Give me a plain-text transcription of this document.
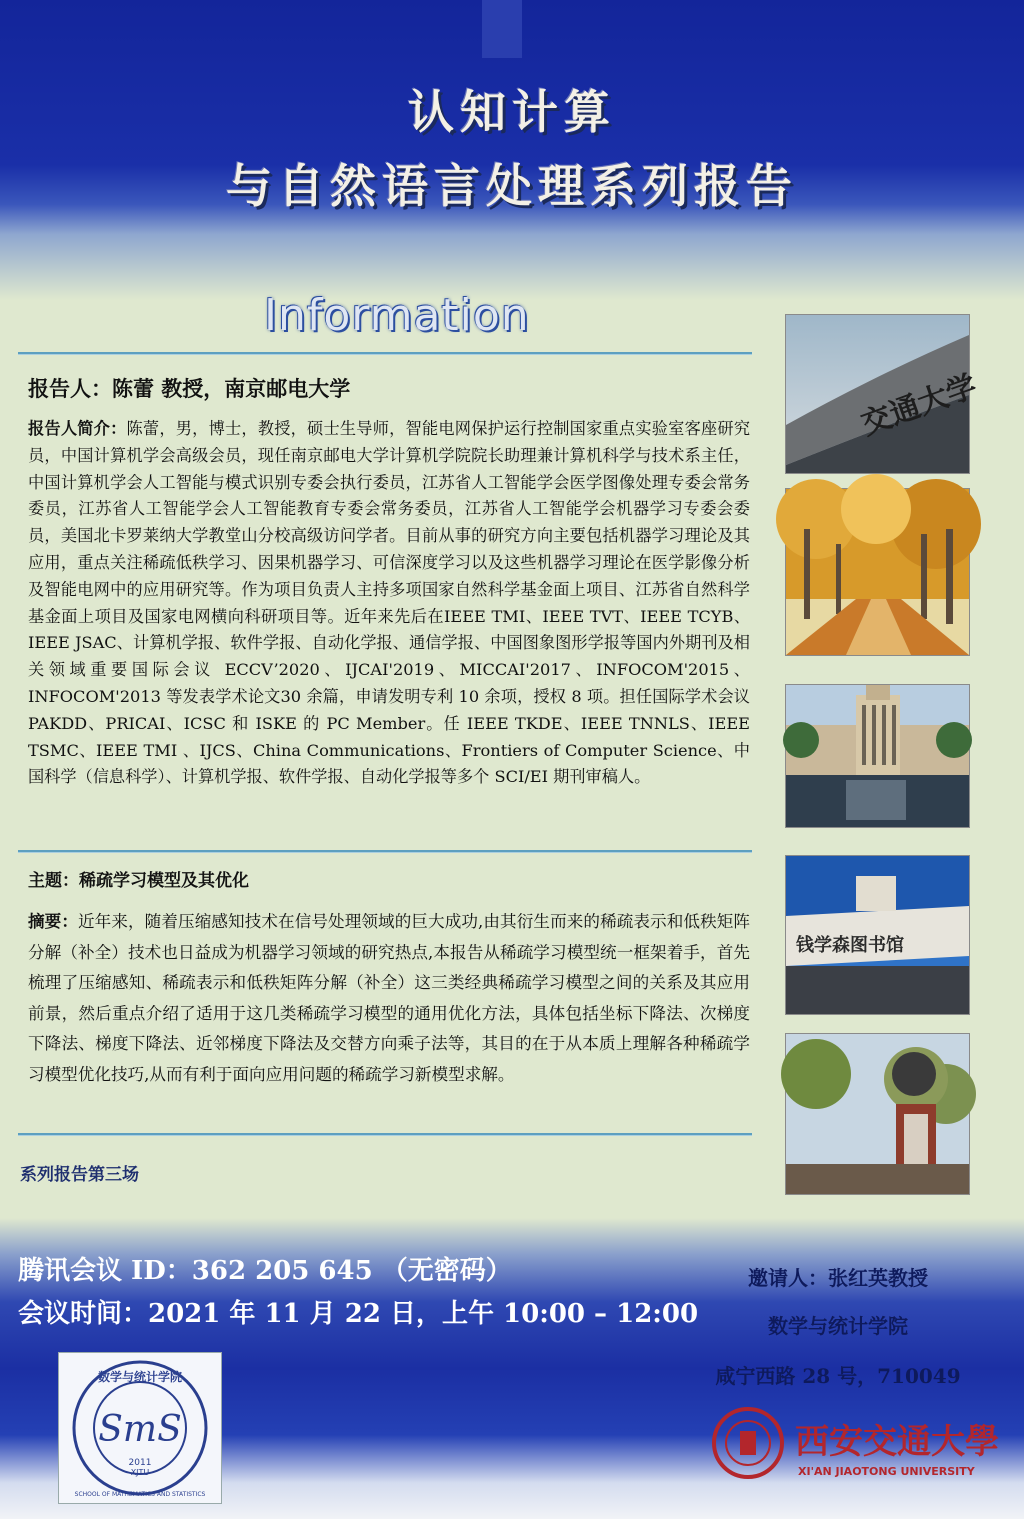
认知计算
与自然语言处理系列报告
Information
报告人：陈蕾 教授，南京邮电大学
报告人简介：陈蕾，男，博士，教授，硕士生导师，智能电网保护运行控制国家重点实验室客座研究员，中国计算机学会高级会员，现任南京邮电大学计算机学院院长助理兼计算机科学与技术系主任，中国计算机学会人工智能与模式识别专委会执行委员，江苏省人工智能学会医学图像处理专委会常务委员，江苏省人工智能学会人工智能教育专委会常务委员，江苏省人工智能学会机器学习专委会委员，美国北卡罗莱纳大学教堂山分校高级访问学者。目前从事的研究方向主要包括机器学习理论及其应用，重点关注稀疏低秩学习、因果机器学习、可信深度学习以及这些机器学习理论在医学影像分析及智能电网中的应用研究等。作为项目负责人主持多项国家自然科学基金面上项目、江苏省自然科学基金面上项目及国家电网横向科研项目等。近年来先后在IEEE TMI、IEEE TVT、IEEE TCYB、IEEE JSAC、计算机学报、软件学报、自动化学报、通信学报、中国图象图形学报等国内外期刊及相关领域重要国际会议 ECCV’2020、IJCAI'2019、MICCAI'2017、INFOCOM'2015、INFOCOM'2013 等发表学术论文30 余篇，申请发明专利 10 余项，授权 8 项。担任国际学术会议 PAKDD、PRICAI、ICSC 和 ISKE 的 PC Member。任 IEEE TKDE、IEEE TNNLS、IEEE TSMC、IEEE TMI 、IJCS、China Communications、Frontiers of Computer Science、中国科学（信息科学）、计算机学报、软件学报、自动化学报等多个 SCI/EI 期刊审稿人。
主题：稀疏学习模型及其优化
摘要：近年来，随着压缩感知技术在信号处理领域的巨大成功,由其衍生而来的稀疏表示和低秩矩阵分解（补全）技术也日益成为机器学习领域的研究热点,本报告从稀疏学习模型统一框架着手，首先梳理了压缩感知、稀疏表示和低秩矩阵分解（补全）这三类经典稀疏学习模型之间的关系及其应用前景，然后重点介绍了适用于这几类稀疏学习模型的通用优化方法，具体包括坐标下降法、次梯度下降法、梯度下降法、近邻梯度下降法及交替方向乘子法等，其目的在于从本质上理解各种稀疏学习模型优化技巧,从而有利于面向应用问题的稀疏学习新模型求解。
系列报告第三场
交通大学
钱学森图书馆
腾讯会议 ID：362 205 645 （无密码）
会议时间：2021 年 11 月 22 日，上午 10:00 – 12:00
邀请人：张红英教授
数学与统计学院
咸宁西路 28 号，710049
数学与统计学院
SmS
2011
XJTU
SCHOOL OF MATHEMATICS AND STATISTICS
西安交通大學
XI'AN JIAOTONG UNIVERSITY
